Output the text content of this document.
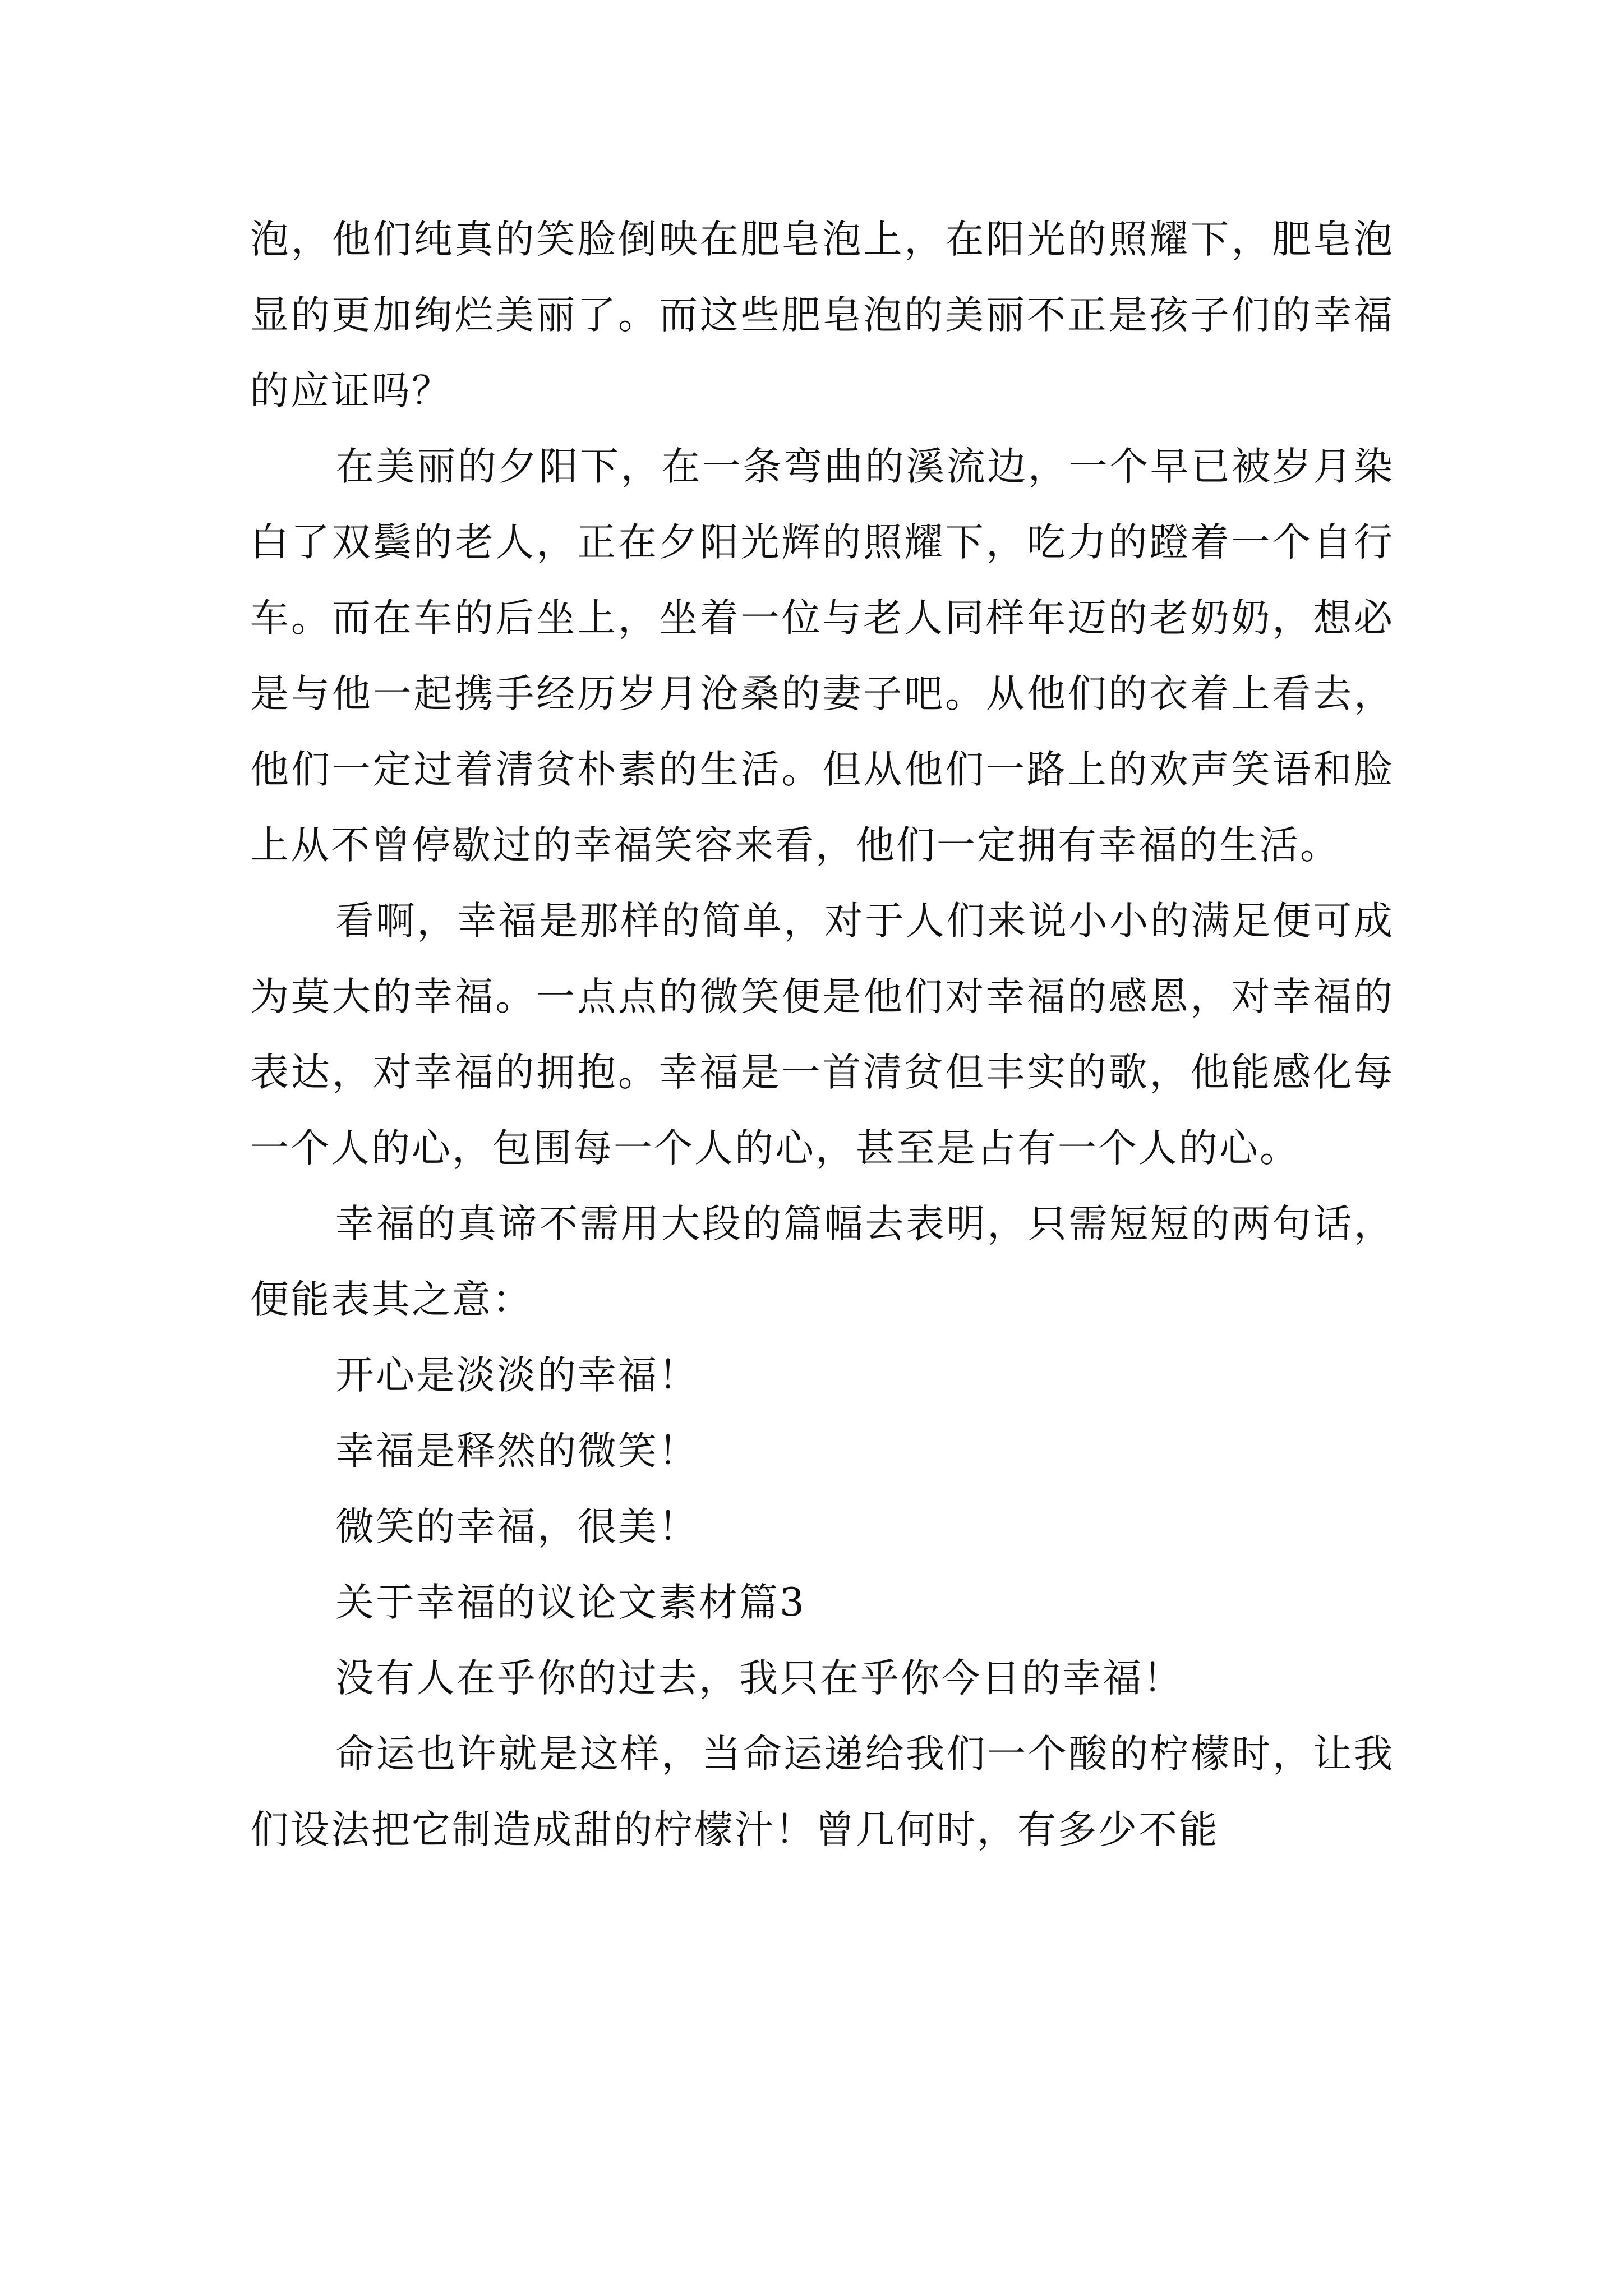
泡，他们纯真的笑脸倒映在肥皂泡上，在阳光的照耀下，肥皂泡显的更加绚烂美丽了。而这些肥皂泡的美丽不正是孩子们的幸福的应证吗？

在美丽的夕阳下，在一条弯曲的溪流边，一个早已被岁月染白了双鬓的老人，正在夕阳光辉的照耀下，吃力的蹬着一个自行车。而在车的后坐上，坐着一位与老人同样年迈的老奶奶，想必是与他一起携手经历岁月沧桑的妻子吧。从他们的衣着上看去，他们一定过着清贫朴素的生活。但从他们一路上的欢声笑语和脸上从不曾停歇过的幸福笑容来看，他们一定拥有幸福的生活。

看啊，幸福是那样的简单，对于人们来说小小的满足便可成为莫大的幸福。一点点的微笑便是他们对幸福的感恩，对幸福的表达，对幸福的拥抱。幸福是一首清贫但丰实的歌，他能感化每一个人的心，包围每一个人的心，甚至是占有一个人的心。

幸福的真谛不需用大段的篇幅去表明，只需短短的两句话，便能表其之意：

开心是淡淡的幸福！

幸福是释然的微笑！

微笑的幸福，很美！

关于幸福的议论文素材篇3

没有人在乎你的过去，我只在乎你今日的幸福！

命运也许就是这样，当命运递给我们一个酸的柠檬时，让我们设法把它制造成甜的柠檬汁！曾几何时，有多少不能
